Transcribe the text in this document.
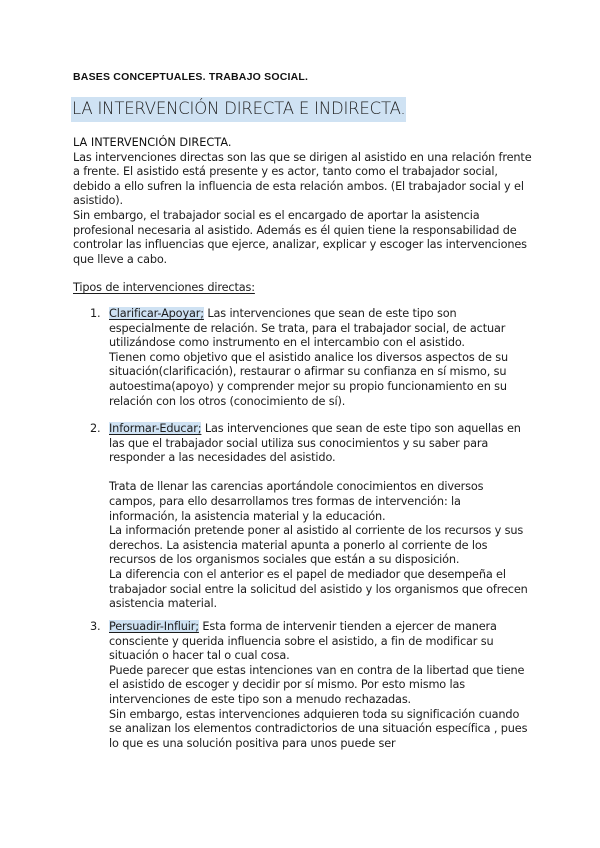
BASES CONCEPTUALES. TRABAJO SOCIAL.
LA INTERVENCIÓN DIRECTA E INDIRECTA.

LA INTERVENCIÓN DIRECTA.

Las intervenciones directas son las que se dirigen al asistido en una relación frente a frente. El asistido está presente y es actor, tanto como el trabajador social, debido a ello sufren la influencia de esta relación ambos. (El trabajador social y el asistido).

Sin embargo, el trabajador social es el encargado de aportar la asistencia profesional necesaria al asistido. Además es él quien tiene la responsabilidad de controlar las influencias que ejerce, analizar, explicar y escoger las intervenciones que lleve a cabo.

Tipos de intervenciones directas:
1. Clarificar-Apoyar; Las intervenciones que sean de este tipo son especialmente de relación. Se trata, para el trabajador social, de actuar utilizándose como instrumento en el intercambio con el asistido.

Tienen como objetivo que el asistido analice los diversos aspectos de su situación(clarificación), restaurar o afirmar su confianza en sí mismo, su autoestima(apoyo) y comprender mejor su propio funcionamiento en su relación con los otros (conocimiento de sí).

2. Informar-Educar; Las intervenciones que sean de este tipo son aquellas en las que el trabajador social utiliza sus conocimientos y su saber para responder a las necesidades del asistido.

Trata de llenar las carencias aportándole conocimientos en diversos campos, para ello desarrollamos tres formas de intervención: la información, la asistencia material y la educación.

La información pretende poner al asistido al corriente de los recursos y sus derechos. La asistencia material apunta a ponerlo al corriente de los recursos de los organismos sociales que están a su disposición.

La diferencia con el anterior es el papel de mediador que desempeña el trabajador social entre la solicitud del asistido y los organismos que ofrecen asistencia material.

3. Persuadir-Influir; Esta forma de intervenir tienden a ejercer de manera consciente y querida influencia sobre el asistido, a fin de modificar su situación o hacer tal o cual cosa.

Puede parecer que estas intenciones van en contra de la libertad que tiene el asistido de escoger y decidir por sí mismo. Por esto mismo las intervenciones de este tipo son a menudo rechazadas.

Sin embargo, estas intervenciones adquieren toda su significación cuando se analizan los elementos contradictorios de una situación específica , pues lo que es una solución positiva para unos puede ser
